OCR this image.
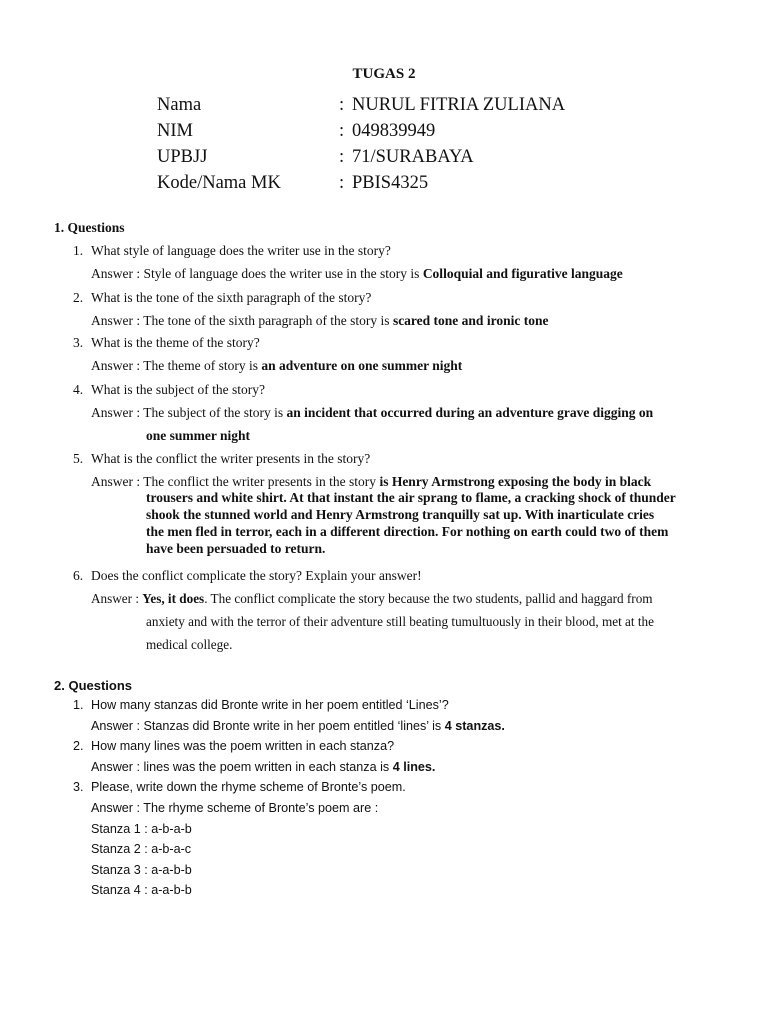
TUGAS 2
Nama	: NURUL FITRIA ZULIANA
NIM	: 049839949
UPBJJ	: 71/SURABAYA
Kode/Nama MK	: PBIS4325
1. Questions
1. What style of language does the writer use in the story?
Answer : Style of language does the writer use in the story is Colloquial and figurative language
2. What is the tone of the sixth paragraph of the story?
Answer : The tone of the sixth paragraph of the story is scared tone and ironic tone
3. What is the theme of the story?
Answer : The theme of story is an adventure on one summer night
4. What is the subject of the story?
Answer : The subject of the story is an incident that occurred during an adventure grave digging on
one summer night
5. What is the conflict the writer presents in the story?
Answer : The conflict the writer presents in the story is Henry Armstrong exposing the body in black
trousers and white shirt. At that instant the air sprang to flame, a cracking shock of thunder
shook the stunned world and Henry Armstrong tranquilly sat up. With inarticulate cries
the men fled in terror, each in a different direction. For nothing on earth could two of them
have been persuaded to return.
6. Does the conflict complicate the story? Explain your answer!
Answer : Yes, it does. The conflict complicate the story because the two students, pallid and haggard from
anxiety and with the terror of their adventure still beating tumultuously in their blood, met at the
medical college.
2. Questions
1. How many stanzas did Bronte write in her poem entitled ‘Lines’?
Answer : Stanzas did Bronte write in her poem entitled ‘lines’ is 4 stanzas.
2. How many lines was the poem written in each stanza?
Answer : lines was the poem written in each stanza is 4 lines.
3. Please, write down the rhyme scheme of Bronte’s poem.
Answer : The rhyme scheme of Bronte’s poem are :
Stanza 1 : a-b-a-b
Stanza 2 : a-b-a-c
Stanza 3 : a-a-b-b
Stanza 4 : a-a-b-b
